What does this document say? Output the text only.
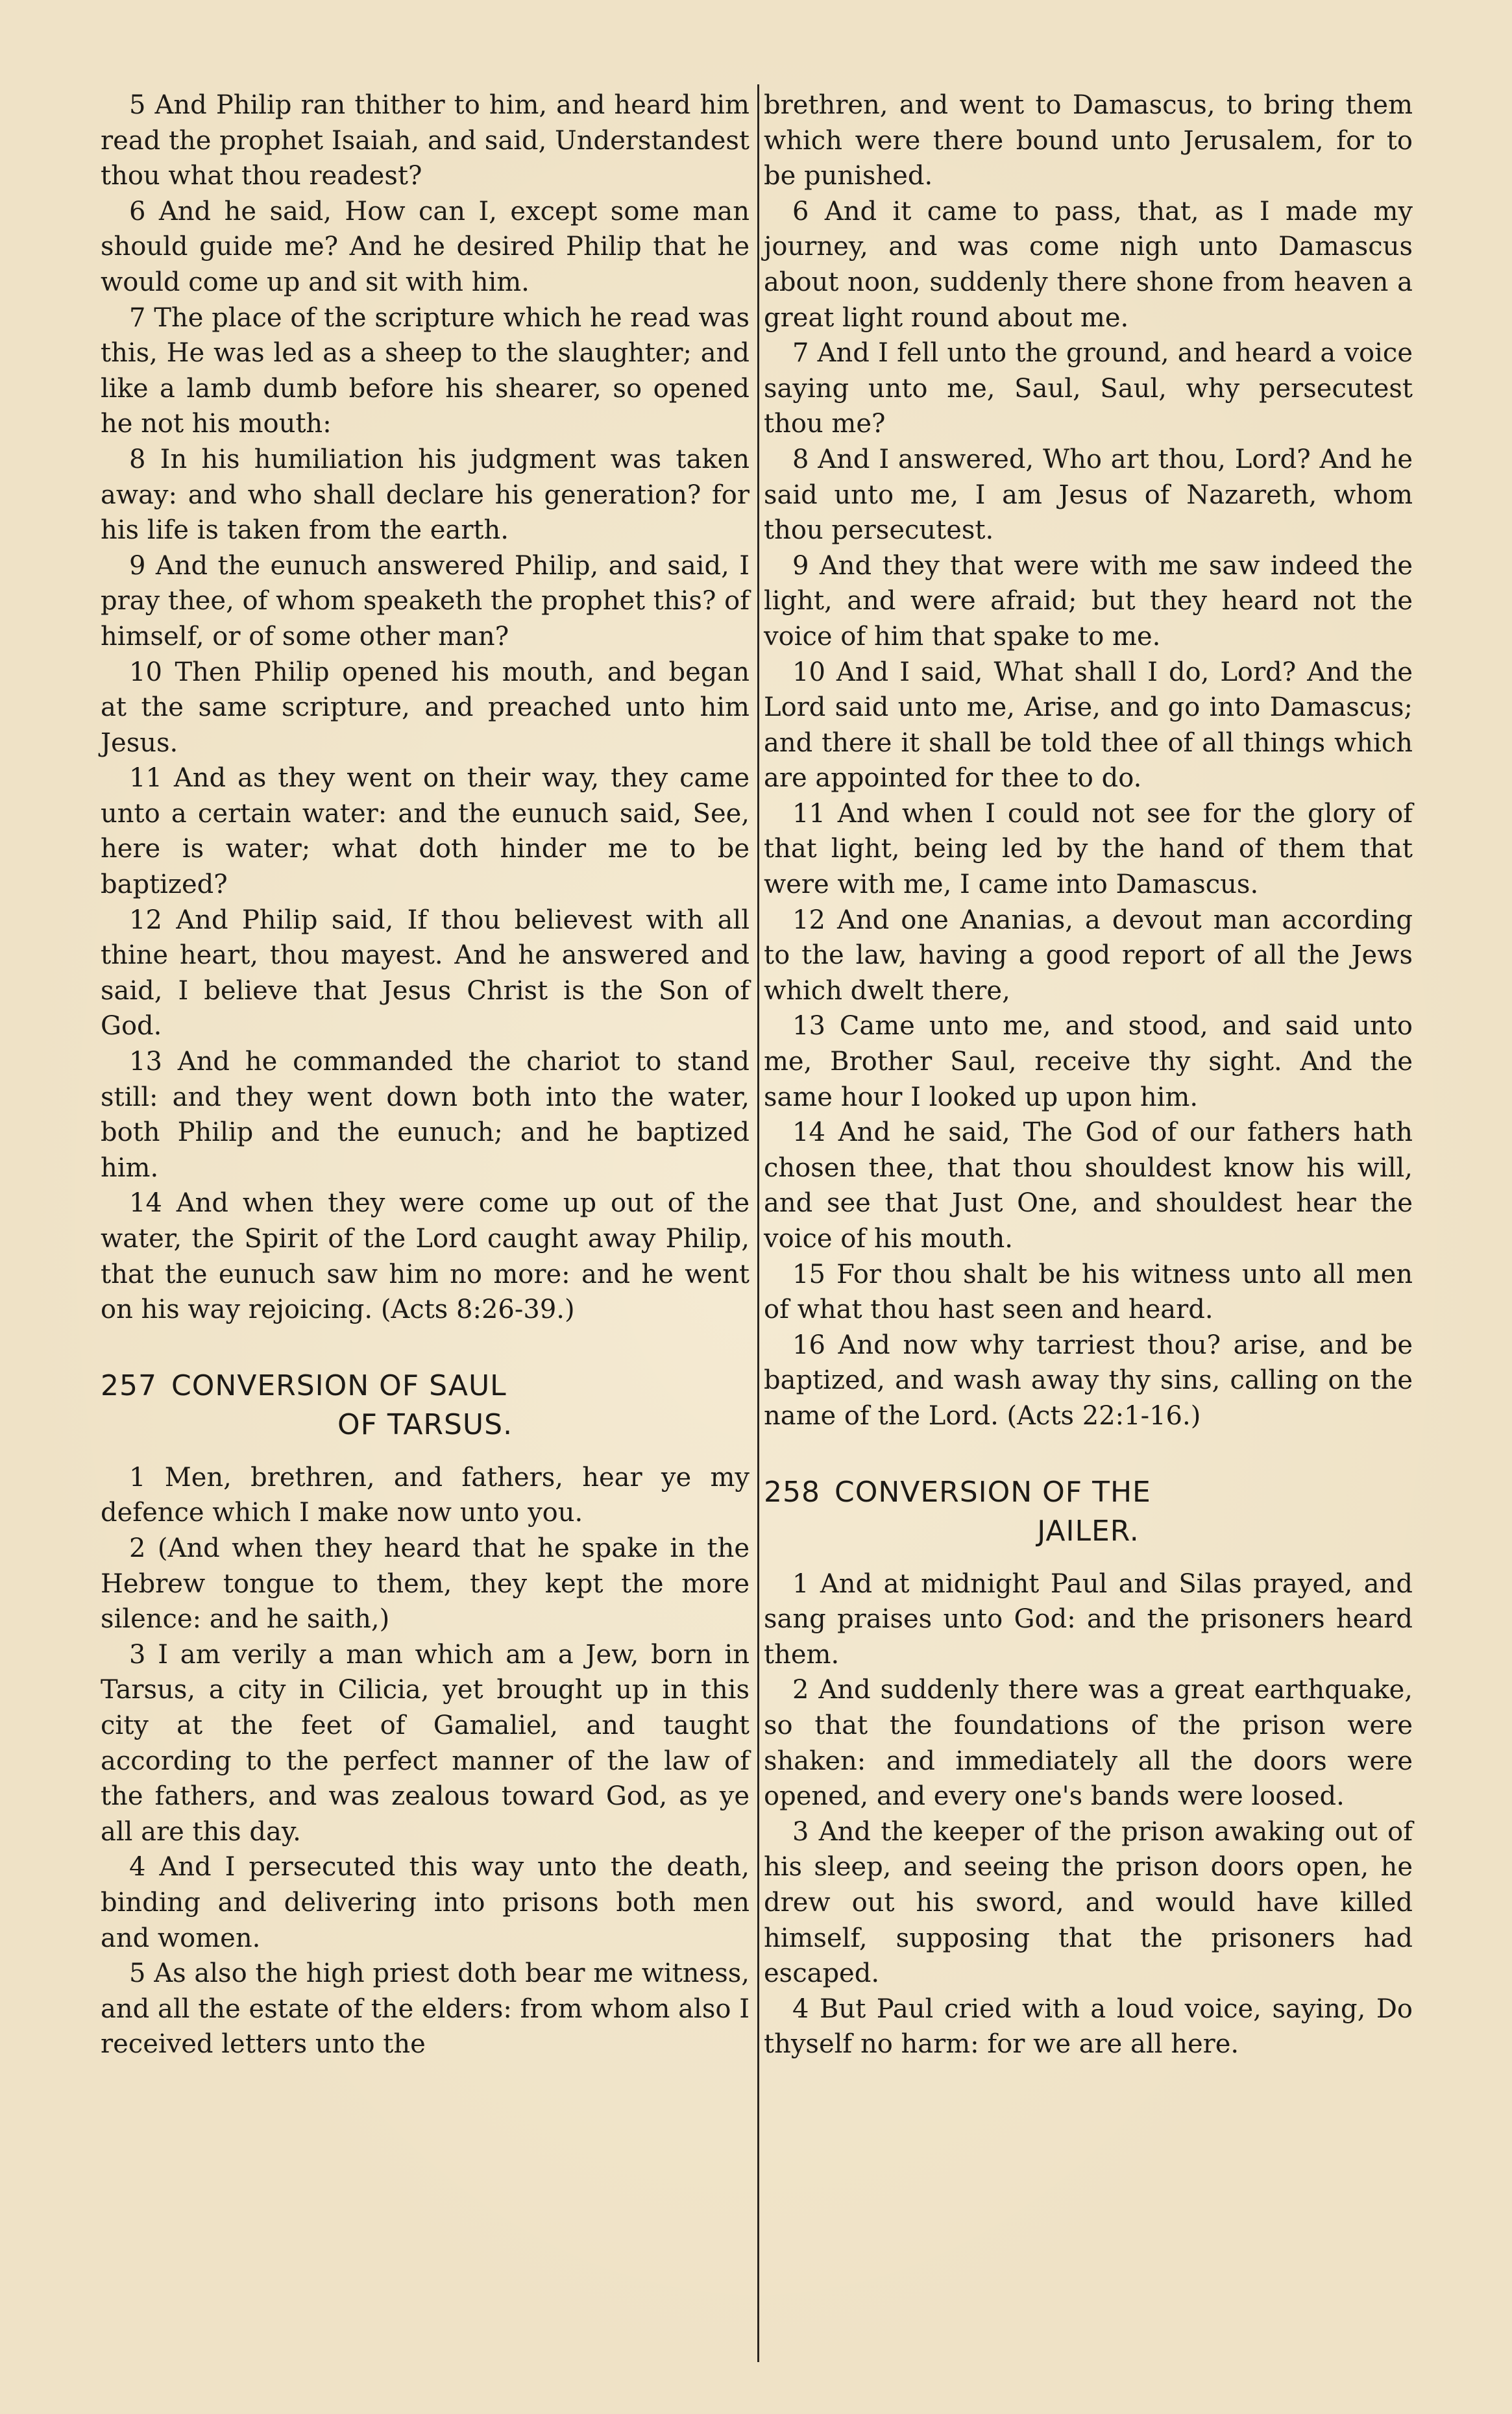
5 And Philip ran thither to him, and heard him read the prophet Isaiah, and said, Understandest thou what thou readest?

6 And he said, How can I, except some man should guide me? And he desired Philip that he would come up and sit with him.

7 The place of the scripture which he read was this, He was led as a sheep to the slaughter; and like a lamb dumb before his shearer, so opened he not his mouth:

8 In his humiliation his judgment was taken away: and who shall declare his generation? for his life is taken from the earth.

9 And the eunuch answered Philip, and said, I pray thee, of whom speaketh the prophet this? of himself, or of some other man?

10 Then Philip opened his mouth, and began at the same scripture, and preached unto him Jesus.

11 And as they went on their way, they came unto a certain water: and the eunuch said, See, here is water; what doth hinder me to be baptized?

12 And Philip said, If thou believest with all thine heart, thou mayest. And he answered and said, I believe that Jesus Christ is the Son of God.

13 And he commanded the chariot to stand still: and they went down both into the water, both Philip and the eunuch; and he baptized him.

14 And when they were come up out of the water, the Spirit of the Lord caught away Philip, that the eunuch saw him no more: and he went on his way rejoicing. (Acts 8:26-39.)

257 CONVERSION OF SAUL

OF TARSUS.

1 Men, brethren, and fathers, hear ye my defence which I make now unto you.

2 (And when they heard that he spake in the Hebrew tongue to them, they kept the more silence: and he saith,)

3 I am verily a man which am a Jew, born in Tarsus, a city in Cilicia, yet brought up in this city at the feet of Gamaliel, and taught according to the perfect manner of the law of the fathers, and was zealous toward God, as ye all are this day.

4 And I persecuted this way unto the death, binding and delivering into prisons both men and women.

5 As also the high priest doth bear me witness, and all the estate of the elders: from whom also I received letters unto the

brethren, and went to Damascus, to bring them which were there bound unto Jerusalem, for to be punished.

6 And it came to pass, that, as I made my journey, and was come nigh unto Damascus about noon, suddenly there shone from heaven a great light round about me.

7 And I fell unto the ground, and heard a voice saying unto me, Saul, Saul, why persecutest thou me?

8 And I answered, Who art thou, Lord? And he said unto me, I am Jesus of Nazareth, whom thou persecutest.

9 And they that were with me saw indeed the light, and were afraid; but they heard not the voice of him that spake to me.

10 And I said, What shall I do, Lord? And the Lord said unto me, Arise, and go into Damascus; and there it shall be told thee of all things which are appointed for thee to do.

11 And when I could not see for the glory of that light, being led by the hand of them that were with me, I came into Damascus.

12 And one Ananias, a devout man according to the law, having a good report of all the Jews which dwelt there,

13 Came unto me, and stood, and said unto me, Brother Saul, receive thy sight. And the same hour I looked up upon him.

14 And he said, The God of our fathers hath chosen thee, that thou shouldest know his will, and see that Just One, and shouldest hear the voice of his mouth.

15 For thou shalt be his witness unto all men of what thou hast seen and heard.

16 And now why tarriest thou? arise, and be baptized, and wash away thy sins, calling on the name of the Lord. (Acts 22:1-16.)

258 CONVERSION OF THE

JAILER.

1 And at midnight Paul and Silas prayed, and sang praises unto God: and the prisoners heard them.

2 And suddenly there was a great earthquake, so that the foundations of the prison were shaken: and immediately all the doors were opened, and every one's bands were loosed.

3 And the keeper of the prison awaking out of his sleep, and seeing the prison doors open, he drew out his sword, and would have killed himself, supposing that the prisoners had escaped.

4 But Paul cried with a loud voice, saying, Do thyself no harm: for we are all here.
